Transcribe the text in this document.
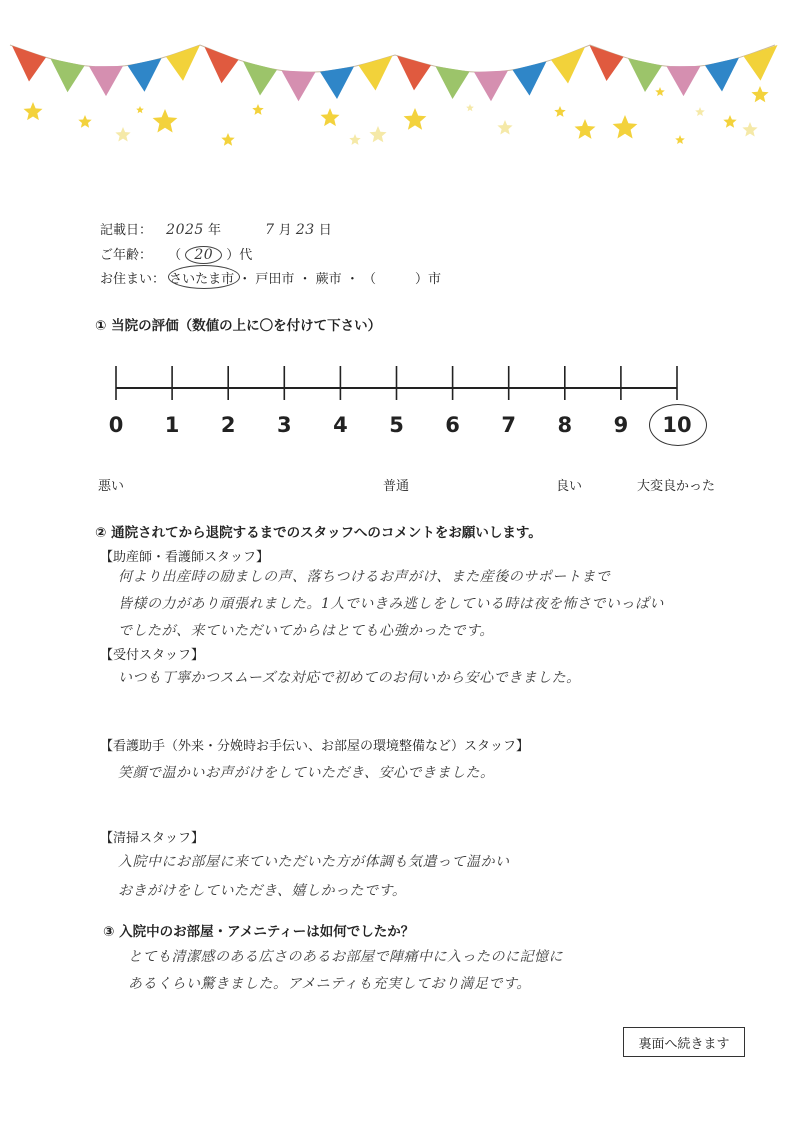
記載日： 2025 年	7 月 23 日
ご年齢： （ 20 ）代
お住まい： さいたま市 ・ 戸田市 ・ 蕨市 ・ （　　　）市
① 当院の評価（数値の上に〇を付けて下さい）
0 1 2 3 4 5 6 7 8 9 10
悪い	普通	良い	大変良かった
② 通院されてから退院するまでのスタッフへのコメントをお願いします。
【助産師・看護師スタッフ】
何より出産時の励ましの声、落ちつけるお声がけ、また産後のサポートまで
皆様の力があり頑張れました。1人でいきみ逃しをしている時は夜を怖さでいっぱい
でしたが、来ていただいてからはとても心強かったです。
【受付スタッフ】
いつも丁寧かつスムーズな対応で初めてのお伺いから安心できました。
【看護助手（外来・分娩時お手伝い、お部屋の環境整備など）スタッフ】
笑顔で温かいお声がけをしていただき、安心できました。
【清掃スタッフ】
入院中にお部屋に来ていただいた方が体調も気遣って温かい
おきがけをしていただき、嬉しかったです。
③ 入院中のお部屋・アメニティーは如何でしたか？
とても清潔感のある広さのあるお部屋で陣痛中に入ったのに記憶に
あるくらい驚きました。アメニティも充実しており満足です。
裏面へ続きます
